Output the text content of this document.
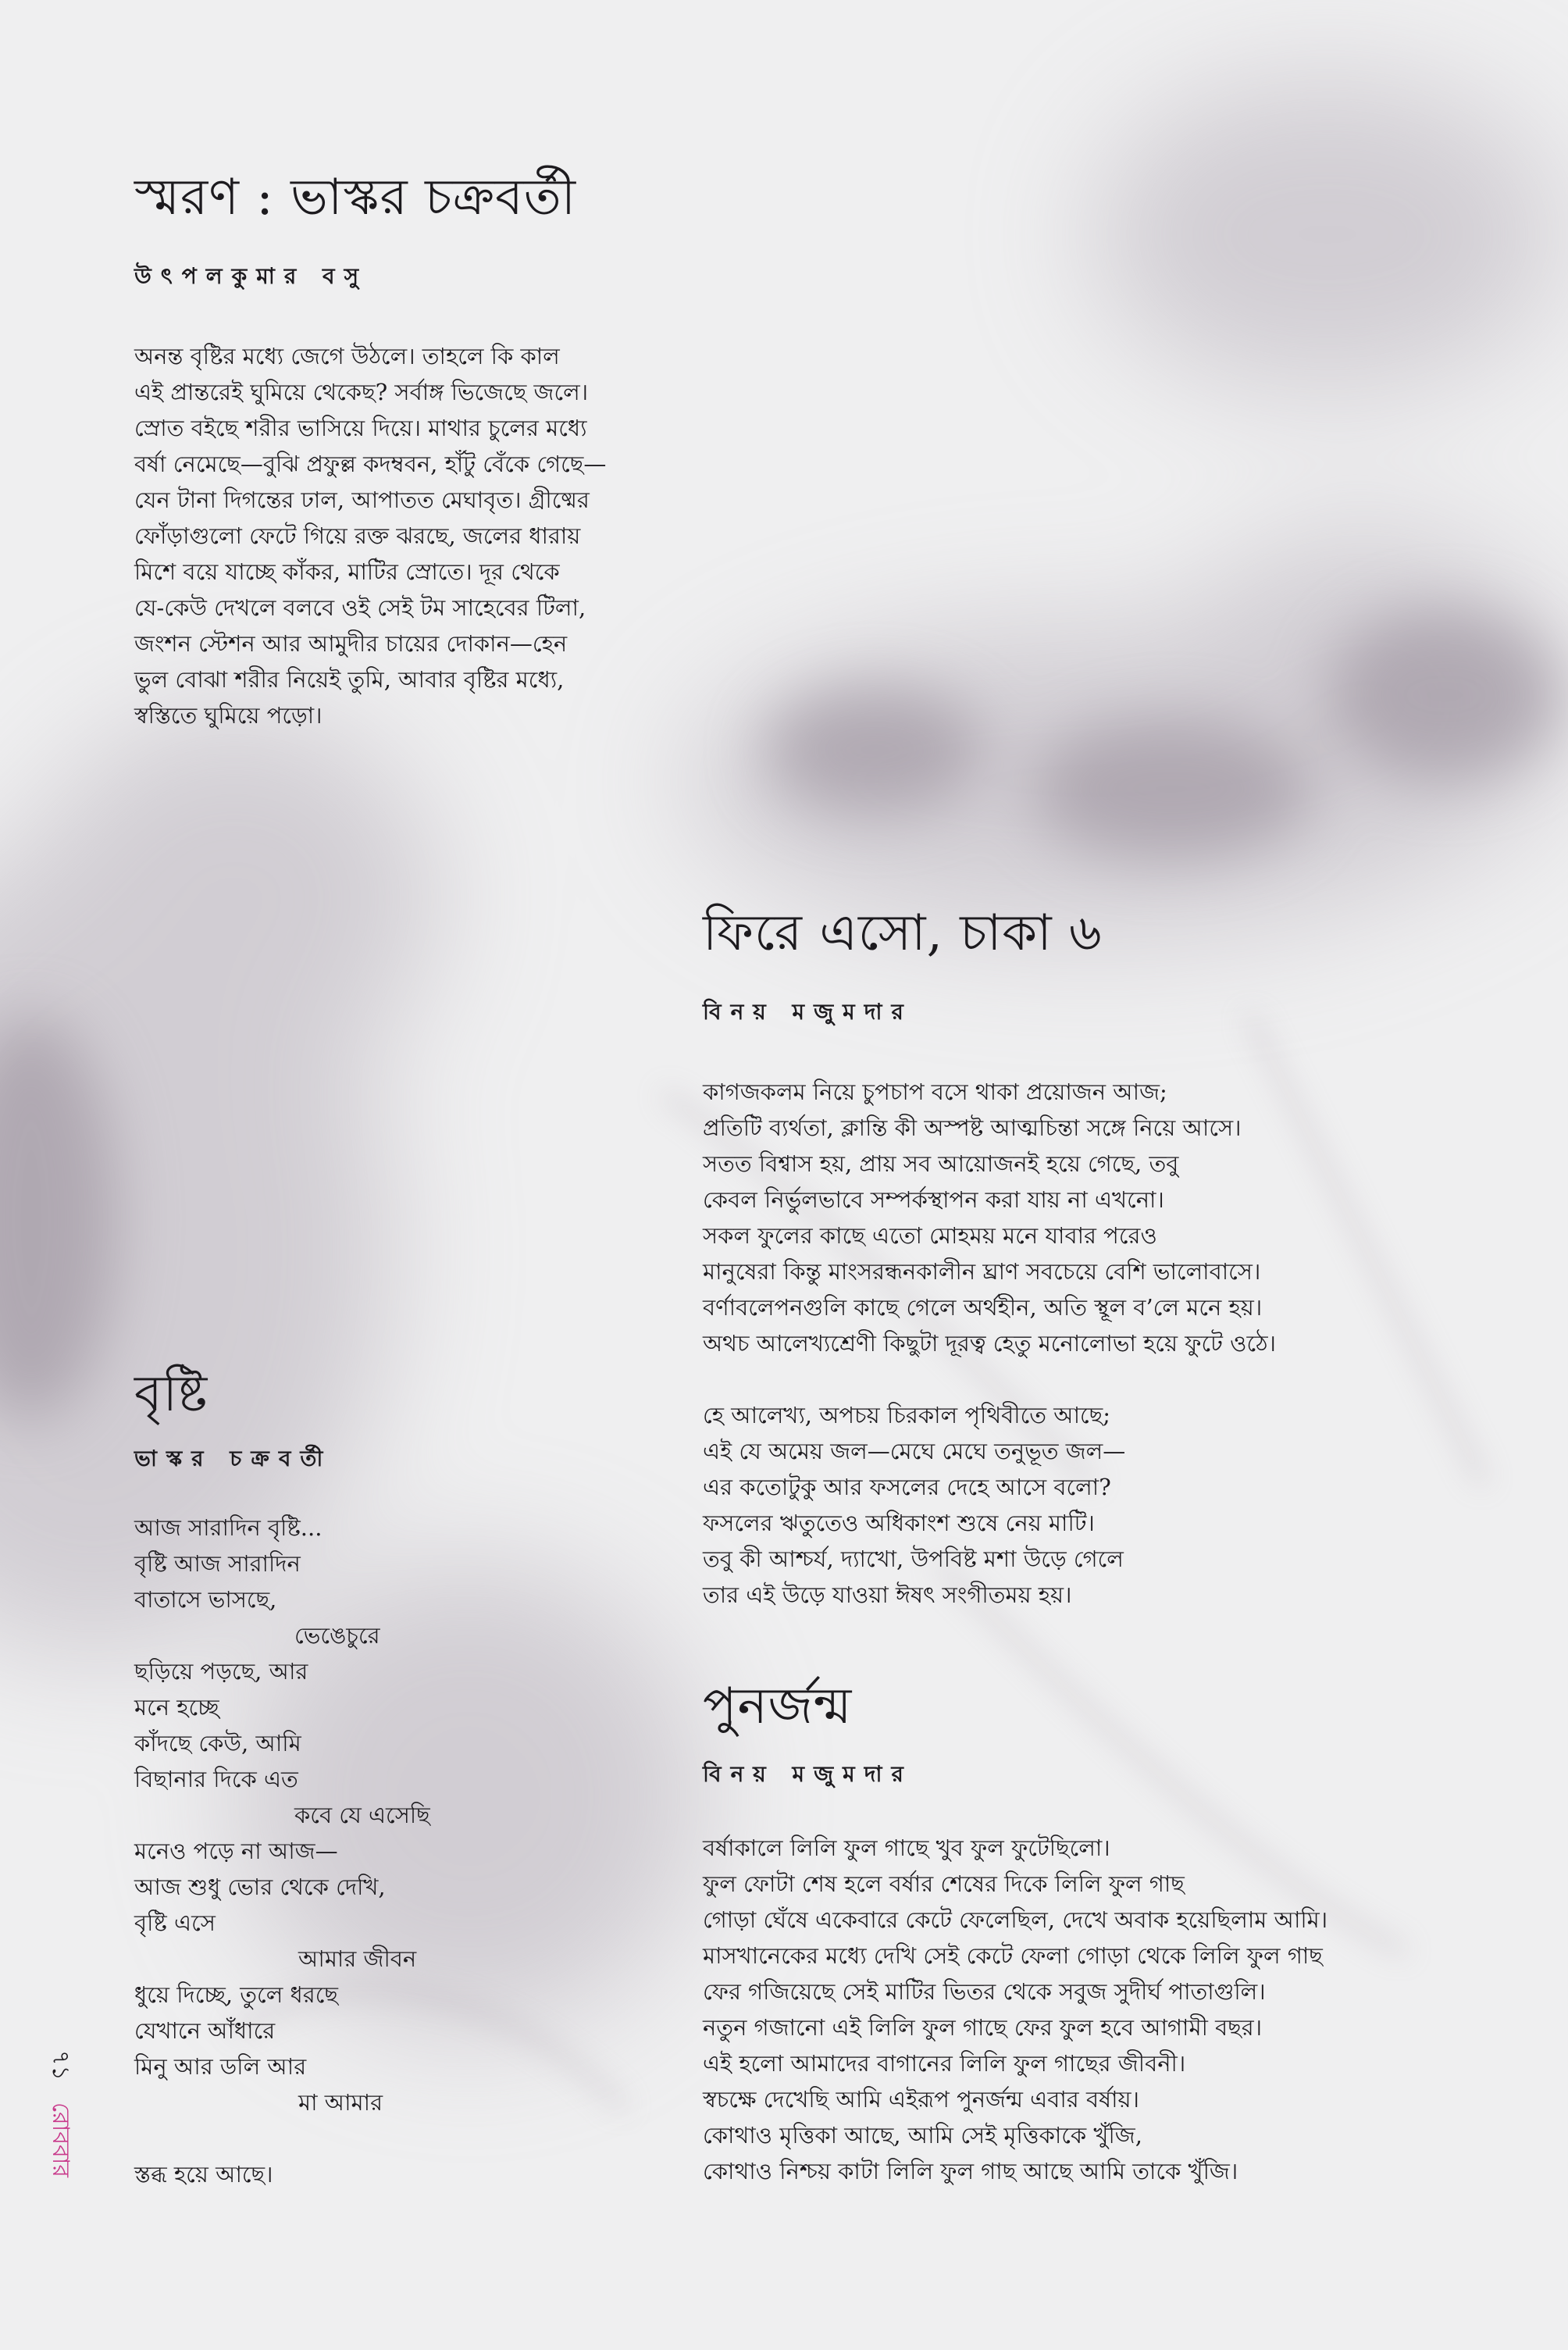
স্মরণ : ভাস্কর চক্রবর্তী
উৎপলকুমার বসু

অনন্ত বৃষ্টির মধ্যে জেগে উঠলে। তাহলে কি কাল

এই প্রান্তরেই ঘুমিয়ে থেকেছ? সর্বাঙ্গ ভিজেছে জলে।

স্রোত বইছে শরীর ভাসিয়ে দিয়ে। মাথার চুলের মধ্যে

বর্ষা নেমেছে—বুঝি প্রফুল্ল কদম্ববন, হাঁটু বেঁকে গেছে—

যেন টানা দিগন্তের ঢাল, আপাতত মেঘাবৃত। গ্রীষ্মের

ফোঁড়াগুলো ফেটে গিয়ে রক্ত ঝরছে, জলের ধারায়

মিশে বয়ে যাচ্ছে কাঁকর, মাটির স্রোতে। দূর থেকে

যে-কেউ দেখলে বলবে ওই সেই টম সাহেবের টিলা,

জংশন স্টেশন আর আমুদীর চায়ের দোকান—হেন

ভুল বোঝা শরীর নিয়েই তুমি, আবার বৃষ্টির মধ্যে,

স্বস্তিতে ঘুমিয়ে পড়ো।

ফিরে এসো, চাকা ৬
বিনয় মজুমদার

কাগজকলম নিয়ে চুপচাপ বসে থাকা প্রয়োজন আজ;

প্রতিটি ব্যর্থতা, ক্লান্তি কী অস্পষ্ট আত্মচিন্তা সঙ্গে নিয়ে আসে।

সতত বিশ্বাস হয়, প্রায় সব আয়োজনই হয়ে গেছে, তবু

কেবল নির্ভুলভাবে সম্পর্কস্থাপন করা যায় না এখনো।

সকল ফুলের কাছে এতো মোহময় মনে যাবার পরেও

মানুষেরা কিন্তু মাংসরন্ধনকালীন ঘ্রাণ সবচেয়ে বেশি ভালোবাসে।

বর্ণাবলেপনগুলি কাছে গেলে অর্থহীন, অতি স্থূল ব’লে মনে হয়।

অথচ আলেখ্যশ্রেণী কিছুটা দূরত্ব হেতু মনোলোভা হয়ে ফুটে ওঠে।

হে আলেখ্য, অপচয় চিরকাল পৃথিবীতে আছে;

এই যে অমেয় জল—মেঘে মেঘে তনুভূত জল—

এর কতোটুকু আর ফসলের দেহে আসে বলো?

ফসলের ঋতুতেও অধিকাংশ শুষে নেয় মাটি।

তবু কী আশ্চর্য, দ্যাখো, উপবিষ্ট মশা উড়ে গেলে

তার এই উড়ে যাওয়া ঈষৎ সংগীতময় হয়।

বৃষ্টি
ভাস্কর চক্রবর্তী

আজ সারাদিন বৃষ্টি...

বৃষ্টি আজ সারাদিন

বাতাসে ভাসছে,

ভেঙেচুরে

ছড়িয়ে পড়ছে, আর

মনে হচ্ছে

কাঁদছে কেউ, আমি

বিছানার দিকে এত

কবে যে এসেছি

মনেও পড়ে না আজ—

আজ শুধু ভোর থেকে দেখি,

বৃষ্টি এসে

আমার জীবন

ধুয়ে দিচ্ছে, তুলে ধরছে

যেখানে আঁধারে

মিনু আর ডলি আর

মা আমার

স্তব্ধ হয়ে আছে।

পুনর্জন্ম
বিনয় মজুমদার

বর্ষাকালে লিলি ফুল গাছে খুব ফুল ফুটেছিলো।

ফুল ফোটা শেষ হলে বর্ষার শেষের দিকে লিলি ফুল গাছ

গোড়া ঘেঁষে একেবারে কেটে ফেলেছিল, দেখে অবাক হয়েছিলাম আমি।

মাসখানেকের মধ্যে দেখি সেই কেটে ফেলা গোড়া থেকে লিলি ফুল গাছ

ফের গজিয়েছে সেই মাটির ভিতর থেকে সবুজ সুদীর্ঘ পাতাগুলি।

নতুন গজানো এই লিলি ফুল গাছে ফের ফুল হবে আগামী বছর।

এই হলো আমাদের বাগানের লিলি ফুল গাছের জীবনী।

স্বচক্ষে দেখেছি আমি এইরূপ পুনর্জন্ম এবার বর্ষায়।

কোথাও মৃত্তিকা আছে, আমি সেই মৃত্তিকাকে খুঁজি,

কোথাও নিশ্চয় কাটা লিলি ফুল গাছ আছে আমি তাকে খুঁজি।

৭১ রোববার
